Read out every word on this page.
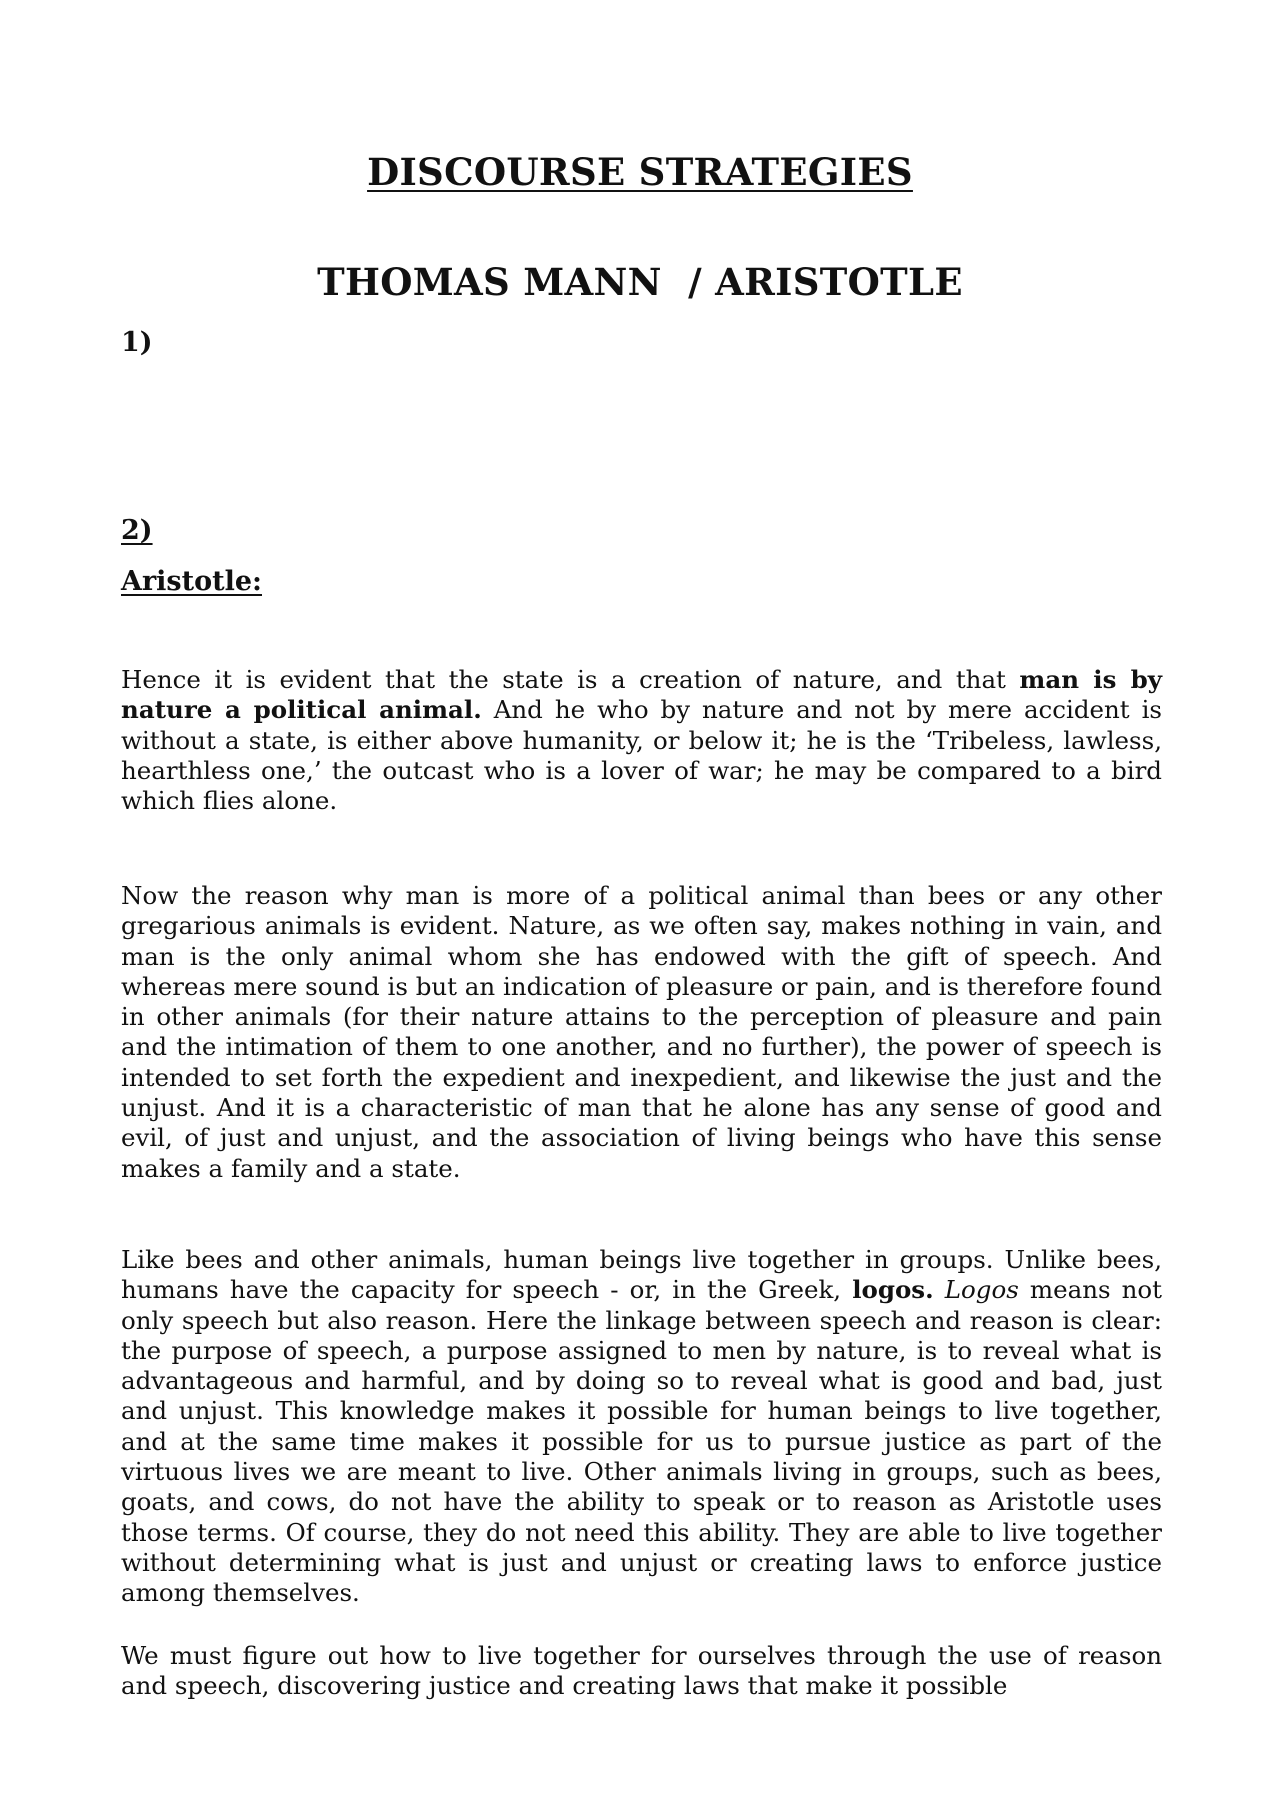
DISCOURSE STRATEGIES
THOMAS MANN  / ARISTOTLE
1)
2)
Aristotle:

Hence it is evident that the state is a creation of nature, and that man is by nature a political animal. And he who by nature and not by mere accident is without a state, is either above humanity, or below it; he is the ‘Tribeless, lawless, hearthless one,’ the outcast who is a lover of war; he may be compared to a bird which flies alone.

Now the reason why man is more of a political animal than bees or any other gregarious animals is evident. Nature, as we often say, makes nothing in vain, and man is the only animal whom she has endowed with the gift of speech. And whereas mere sound is but an indication of pleasure or pain, and is therefore found in other animals (for their nature attains to the perception of pleasure and pain and the intimation of them to one another, and no further), the power of speech is intended to set forth the expedient and inexpedient, and likewise the just and the unjust. And it is a characteristic of man that he alone has any sense of good and evil, of just and unjust, and the association of living beings who have this sense makes a family and a state.

Like bees and other animals, human beings live together in groups. Unlike bees, humans have the capacity for speech - or, in the Greek, logos. Logos means not only speech but also reason. Here the linkage between speech and reason is clear: the purpose of speech, a purpose assigned to men by nature, is to reveal what is advantageous and harmful, and by doing so to reveal what is good and bad, just and unjust. This knowledge makes it possible for human beings to live together, and at the same time makes it possible for us to pursue justice as part of the virtuous lives we are meant to live. Other animals living in groups, such as bees, goats, and cows, do not have the ability to speak or to reason as Aristotle uses those terms. Of course, they do not need this ability. They are able to live together without determining what is just and unjust or creating laws to enforce justice among themselves.

We must figure out how to live together for ourselves through the use of reason and speech, discovering justice and creating laws that make it possible
